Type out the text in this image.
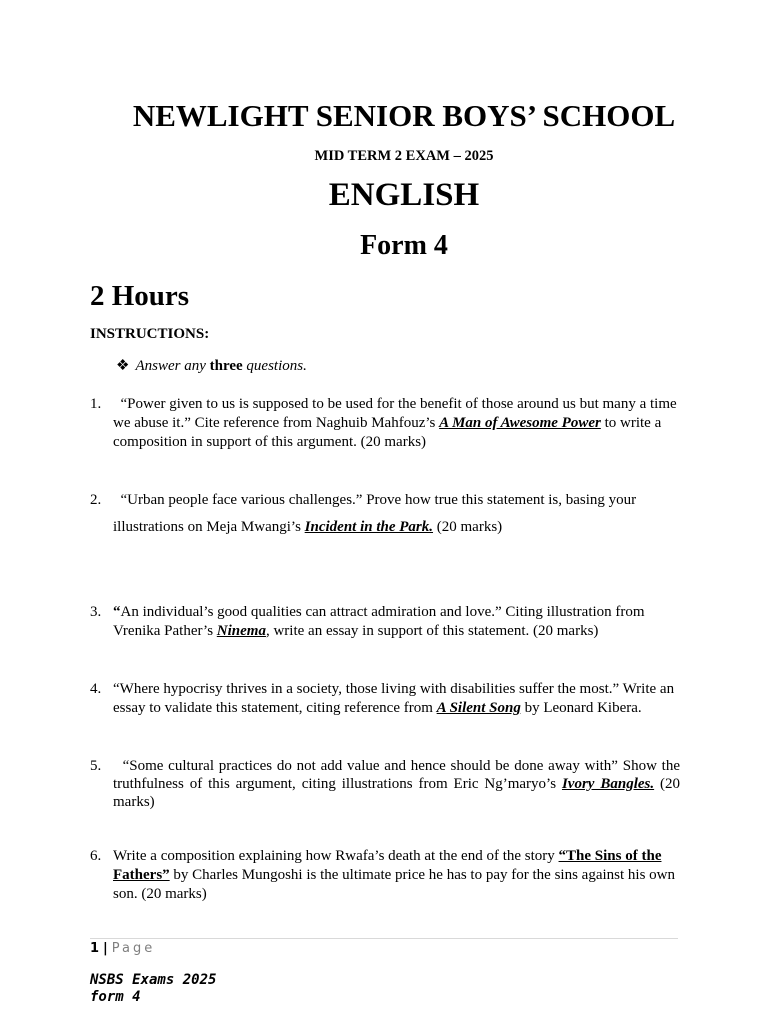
NEWLIGHT SENIOR BOYS’ SCHOOL
MID TERM 2 EXAM – 2025
ENGLISH
Form 4
2 Hours
INSTRUCTIONS:
❖ Answer any three questions.
1. “Power given to us is supposed to be used for the benefit of those around us but many a time we abuse it.” Cite reference from Naghuib Mahfouz’s A Man of Awesome Power to write a composition in support of this argument. (20 marks)
2. “Urban people face various challenges.” Prove how true this statement is, basing your illustrations on Meja Mwangi’s Incident in the Park. (20 marks)
3. “An individual’s good qualities can attract admiration and love.” Citing illustration from Vrenika Pather’s Ninema, write an essay in support of this statement. (20 marks)
4. “Where hypocrisy thrives in a society, those living with disabilities suffer the most.” Write an essay to validate this statement, citing reference from A Silent Song by Leonard Kibera.
5. “Some cultural practices do not add value and hence should be done away with” Show the truthfulness of this argument, citing illustrations from Eric Ng’maryo’s Ivory Bangles. (20 marks)
6. Write a composition explaining how Rwafa’s death at the end of the story “The Sins of the Fathers” by Charles Mungoshi is the ultimate price he has to pay for the sins against his own son. (20 marks)
1 | Page
NSBS Exams 2025
form 4
